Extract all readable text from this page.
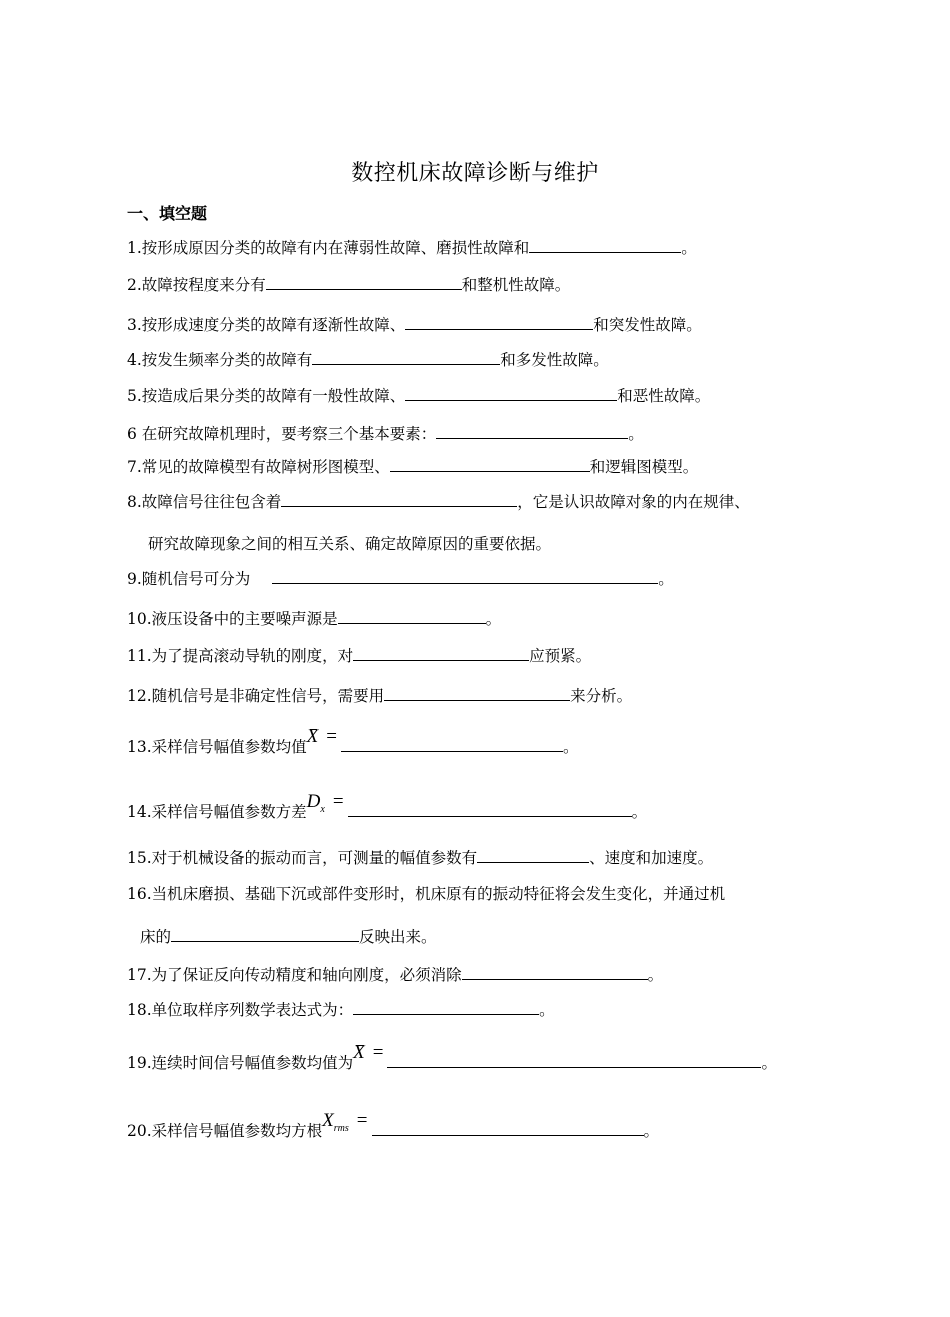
数控机床故障诊断与维护
一、填空题
1.按形成原因分类的故障有内在薄弱性故障、磨损性故障和	。
2.故障按程度来分有	和整机性故障。
3.按形成速度分类的故障有逐渐性故障、	和突发性故障。
4.按发生频率分类的故障有	和多发性故障。
5.按造成后果分类的故障有一般性故障、	和恶性故障。
6 在研究故障机理时，要考察三个基本要素：	。
7.常见的故障模型有故障树形图模型、	和逻辑图模型。
8.故障信号往往包含着	，它是认识故障对象的内在规律、
研究故障现象之间的相互关系、确定故障原因的重要依据。
9.随机信号可分为	。
10.液压设备中的主要噪声源是	。
11.为了提高滚动导轨的刚度，对	应预紧。
12.随机信号是非确定性信号，需要用	来分析。
13.采样信号幅值参数均值X =	。
14.采样信号幅值参数方差$D_x$ =	。
15.对于机械设备的振动而言，可测量的幅值参数有	、速度和加速度。
16.当机床磨损、基础下沉或部件变形时，机床原有的振动特征将会发生变化，并通过机
床的	反映出来。
17.为了保证反向传动精度和轴向刚度，必须消除	。
18.单位取样序列数学表达式为：	。
19.连续时间信号幅值参数均值为X =	。
20.采样信号幅值参数均方根$X_{rms}$ =	。
